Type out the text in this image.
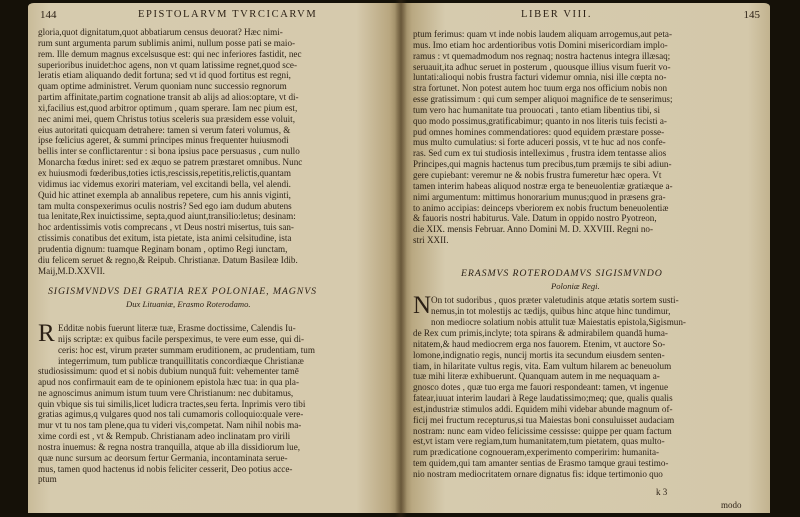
144	EPISTOLARVM TVRCICARVM
gloria,quot dignitatum,quot abbatiarum census deuorat? Hæc nimi-
rum sunt argumenta parum sublimis animi, nullum posse pati se maio-
rem. Ille demum magnus excelsusque est: qui nec inferiores fastidit, nec
superioribus inuidet:hoc agens, non vt quam latissime regnet,quod sce-
leratis etiam aliquando dedit fortuna; sed vt id quod fortitus est regni,
quam optime administret. Verum quoniam nunc successio regnorum
partim affinitate,partim cognatione transit ab alijs ad alios:optare, vt di-
xi,facilius est,quod arbitror optimum , quam sperare. Iam nec pium est,
nec animi mei, quem Christus totius sceleris sua præsidem esse voluit,
eius autoritati quicquam detrahere: tamen si verum fateri volumus, &
ipse fœlicius ageret, & summi principes minus frequenter huiusmodi
bellis inter se conflictarentur : si bona ipsius pace persuasus , cum nullo
Monarcha fœdus iniret: sed ex æquo se patrem præstaret omnibus. Nunc
ex huiusmodi fœderibus,toties ictis,rescissis,repetitis,relictis,quantam
vidimus iac videmus exoriri materiam, vel excitandi bella, vel alendi.
Quid hic attinet exempla ab annalibus repetere, cum his annis viginti,
tam multa conspexerimus oculis nostris? Sed ego iam dudum abutens
tua lenitate,Rex inuictissime, septa,quod aiunt,transilio:letus; desinam:
hoc ardentissimis votis comprecans , vt Deus nostri misertus, tuis san-
ctissimis conatibus det exitum, ista pietate, ista animi celsitudine, ista
prudentia dignum: tuamque Reginam bonam , optimo Regi iunctam,
diu felicem seruet & regno,& Reipub. Christianæ. Datum Basileæ Idib.
Maij,M.D.XXVII.
SIGISMVNDVS DEI GRATIA REX POLONIAE, MAGNVS
Dux Lituaniæ, Erasmo Roterodamo.
R Edditæ nobis fuerunt literæ tuæ, Erasme doctissime, Calendis Iu-
nijs scriptæ: ex quibus facile perspeximus, te vere eum esse, qui di-
ceris: hoc est, virum præter summam eruditionem, ac prudentiam, tum
integerrimum, tum publicæ tranquillitatis concordiæque Christianæ
studiosissimum: quod et si nobis dubium nunquā fuit: vehementer tamē
apud nos confirmauit eam de te opinionem epistola hæc tua: in qua pla-
ne agnoscimus animum istum tuum vere Christianum: nec dubitamus,
quin vbique sis tui similis,licet ludicra tractes,seu ferta. Inprimis vero tibi
gratias agimus,q vulgares quod nos tali cumamoris colloquio:quale vere-
mur vt tu nos tam plene,qua tu videri vis,competat. Nam nihil nobis ma-
xime cordi est , vt & Rempub. Christianam adeo inclinatam pro virili
nostra inuemus: & regna nostra tranquilla, atque ab illa dissidiorum lue,
quæ nunc sursum ac deorsum fertur Germania, incontaminata serue-
mus, tamen quod hactenus id nobis feliciter cesserit, Deo potius acce-
ptum
LIBER VIII.	145
ptum ferimus: quam vt inde nobis laudem aliquam arrogemus,aut peta-
mus. Imo etiam hoc ardentioribus votis Domini misericordiam implo-
ramus : vt quemadmodum nos regnaq; nostra hactenus integra illæsaq;
seruauit,ita adhuc seruet in posterum , quousque illius visum fuerit vo-
luntati:alioqui nobis frustra facturi videmur omnia, nisi ille cœpta no-
stra fortunet. Non potest autem hoc tuum erga nos officium nobis non
esse gratissimum : qui cum semper aliquoi magnifice de te senserimus;
tum vero hac humanitate tua prouocati , tanto etiam libentius tibi, si
quo modo possimus,gratificabimur; quanto in nos literis tuis fecisti a-
pud omnes homines commendatiores: quod equidem præstare posse-
mus multo cumulatius: si forte aduceri possis, vt te huc ad nos confe-
ras. Sed cum ex tui studiosis intelleximus , frustra idem tentasse alios
Principes,qui magnis hactenus tum precibus,tum præmijs te sibi adiun-
gere cupiebant: veremur ne & nobis frustra fumeretur hæc opera. Vt
tamen interim habeas aliquod nostræ erga te beneuolentiæ gratiæque a-
nimi argumentum: mittimus honorarium munus;quod in præsens gra-
to animo accipias: deinceps vberiorem ex nobis fructum beneuolentiæ
& fauoris nostri habiturus. Vale. Datum in oppido nostro Pyotreon,
die XIX. mensis Februar. Anno Domini M. D. XXVIII. Regni no-
stri XXII.
ERASMVS ROTERODAMVS SIGISMVNDO
Poloniæ Regi.
N On tot sudoribus , quos præter valetudinis atque ætatis sortem susti-
nemus,in tot molestijs ac tædijs, quibus hinc atque hinc tundimur,
non mediocre solatium nobis attulit tuæ Maiestatis epistola,Sigismun-
de Rex cum primis,inclyte; tota spirans & admirabilem quandā huma-
nitatem,& haud mediocrem erga nos fauorem. Etenim, vt auctore So-
lomone,indignatio regis, nuncij mortis ita secundum eiusdem senten-
tiam, in hilaritate vultus regis, vita. Eam vultum hilarem ac beneuolum
tuæ mihi literæ exhibuerunt. Quanquam autem in me nequaquam a-
gnosco dotes , quæ tuo erga me fauori respondeant: tamen, vt ingenue
fatear,iuuat interim laudari à Rege laudatissimo;meq; que, qualis qualis
est,industriæ stimulos addi. Equidem mihi videbar abunde magnum of-
ficij mei fructum recepturus,si tua Maiestas boni consuluisset audaciam
nostram: nunc eam video felicissime cessisse: quippe per quam factum
est,vt istam vere regiam,tum humanitatem,tum pietatem, quas multo-
rum prædicatione cognoueram,experimento comperirim: humanita-
tem quidem,qui tam amanter sentias de Erasmo tamque graui testimo-
nio nostram mediocritatem ornare dignatus fis: idque tertimonio quo
k 3
modo
